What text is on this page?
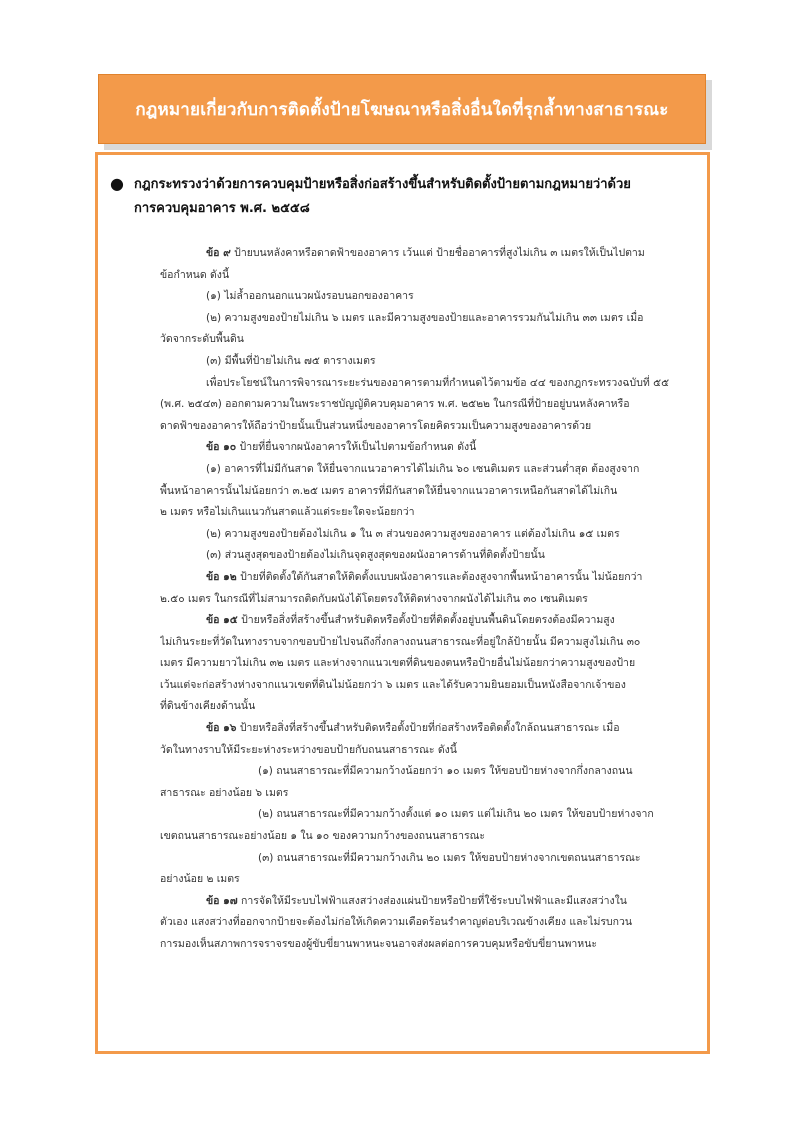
กฎหมายเกี่ยวกับการติดตั้งป้ายโฆษณาหรือสิ่งอื่นใดที่รุกล้ำทางสาธารณะ
● กฎกระทรวงว่าด้วยการควบคุมป้ายหรือสิ่งก่อสร้างขึ้นสำหรับติดตั้งป้ายตามกฎหมายว่าด้วย
การควบคุมอาคาร พ.ศ. ๒๕๕๘
ข้อ ๙ ป้ายบนหลังคาหรือดาดฟ้าของอาคาร เว้นแต่ ป้ายชื่ออาคารที่สูงไม่เกิน ๓ เมตรให้เป็นไปตาม
ข้อกำหนด ดังนี้
(๑) ไม่ล้ำออกนอกแนวผนังรอบนอกของอาคาร
(๒) ความสูงของป้ายไม่เกิน ๖ เมตร และมีความสูงของป้ายและอาคารรวมกันไม่เกิน ๓๓ เมตร เมื่อ
วัดจากระดับพื้นดิน
(๓) มีพื้นที่ป้ายไม่เกิน ๗๕ ตารางเมตร
เพื่อประโยชน์ในการพิจารณาระยะร่นของอาคารตามที่กำหนดไว้ตามข้อ ๔๔ ของกฎกระทรวงฉบับที่ ๕๕
(พ.ศ. ๒๕๔๓) ออกตามความในพระราชบัญญัติควบคุมอาคาร พ.ศ. ๒๕๒๒ ในกรณีที่ป้ายอยู่บนหลังคาหรือ
ดาดฟ้าของอาคารให้ถือว่าป้ายนั้นเป็นส่วนหนึ่งของอาคารโดยคิดรวมเป็นความสูงของอาคารด้วย
ข้อ ๑๐ ป้ายที่ยื่นจากผนังอาคารให้เป็นไปตามข้อกำหนด ดังนี้
(๑) อาคารที่ไม่มีกันสาด ให้ยื่นจากแนวอาคารได้ไม่เกิน ๖๐ เซนติเมตร และส่วนต่ำสุด ต้องสูงจาก
พื้นหน้าอาคารนั้นไม่น้อยกว่า ๓.๒๕ เมตร อาคารที่มีกันสาดให้ยื่นจากแนวอาคารเหนือกันสาดได้ไม่เกิน
๒ เมตร หรือไม่เกินแนวกันสาดแล้วแต่ระยะใดจะน้อยกว่า
(๒) ความสูงของป้ายต้องไม่เกิน ๑ ใน ๓ ส่วนของความสูงของอาคาร แต่ต้องไม่เกิน ๑๕ เมตร
(๓) ส่วนสูงสุดของป้ายต้องไม่เกินจุดสูงสุดของผนังอาคารด้านที่ติดตั้งป้ายนั้น
ข้อ ๑๒ ป้ายที่ติดตั้งใต้กันสาดให้ติดตั้งแบบผนังอาคารและต้องสูงจากพื้นหน้าอาคารนั้น ไม่น้อยกว่า
๒.๕๐ เมตร ในกรณีที่ไม่สามารถติดกับผนังได้โดยตรงให้ติดห่างจากผนังได้ไม่เกิน ๓๐ เซนติเมตร
ข้อ ๑๕ ป้ายหรือสิ่งที่สร้างขึ้นสำหรับติดหรือตั้งป้ายที่ติดตั้งอยู่บนพื้นดินโดยตรงต้องมีความสูง
ไม่เกินระยะที่วัดในทางราบจากขอบป้ายไปจนถึงกึ่งกลางถนนสาธารณะที่อยู่ใกล้ป้ายนั้น มีความสูงไม่เกิน ๓๐
เมตร มีความยาวไม่เกิน ๓๒ เมตร และห่างจากแนวเขตที่ดินของตนหรือป้ายอื่นไม่น้อยกว่าความสูงของป้าย
เว้นแต่จะก่อสร้างห่างจากแนวเขตที่ดินไม่น้อยกว่า ๖ เมตร และได้รับความยินยอมเป็นหนังสือจากเจ้าของ
ที่ดินข้างเคียงด้านนั้น
ข้อ ๑๖ ป้ายหรือสิ่งที่สร้างขึ้นสำหรับติดหรือตั้งป้ายที่ก่อสร้างหรือติดตั้งใกล้ถนนสาธารณะ เมื่อ
วัดในทางราบให้มีระยะห่างระหว่างขอบป้ายกับถนนสาธารณะ ดังนี้
(๑) ถนนสาธารณะที่มีความกว้างน้อยกว่า ๑๐ เมตร ให้ขอบป้ายห่างจากกึ่งกลางถนน
สาธารณะ อย่างน้อย ๖ เมตร
(๒) ถนนสาธารณะที่มีความกว้างตั้งแต่ ๑๐ เมตร แต่ไม่เกิน ๒๐ เมตร ให้ขอบป้ายห่างจาก
เขตถนนสาธารณะอย่างน้อย ๑ ใน ๑๐ ของความกว้างของถนนสาธารณะ
(๓) ถนนสาธารณะที่มีความกว้างเกิน ๒๐ เมตร ให้ขอบป้ายห่างจากเขตถนนสาธารณะ
อย่างน้อย ๒ เมตร
ข้อ ๑๗ การจัดให้มีระบบไฟฟ้าแสงสว่างส่องแผ่นป้ายหรือป้ายที่ใช้ระบบไฟฟ้าและมีแสงสว่างใน
ตัวเอง แสงสว่างที่ออกจากป้ายจะต้องไม่ก่อให้เกิดความเดือดร้อนรำคาญต่อบริเวณข้างเคียง และไม่รบกวน
การมองเห็นสภาพการจราจรของผู้ขับขี่ยานพาหนะจนอาจส่งผลต่อการควบคุมหรือขับขี่ยานพาหนะ
